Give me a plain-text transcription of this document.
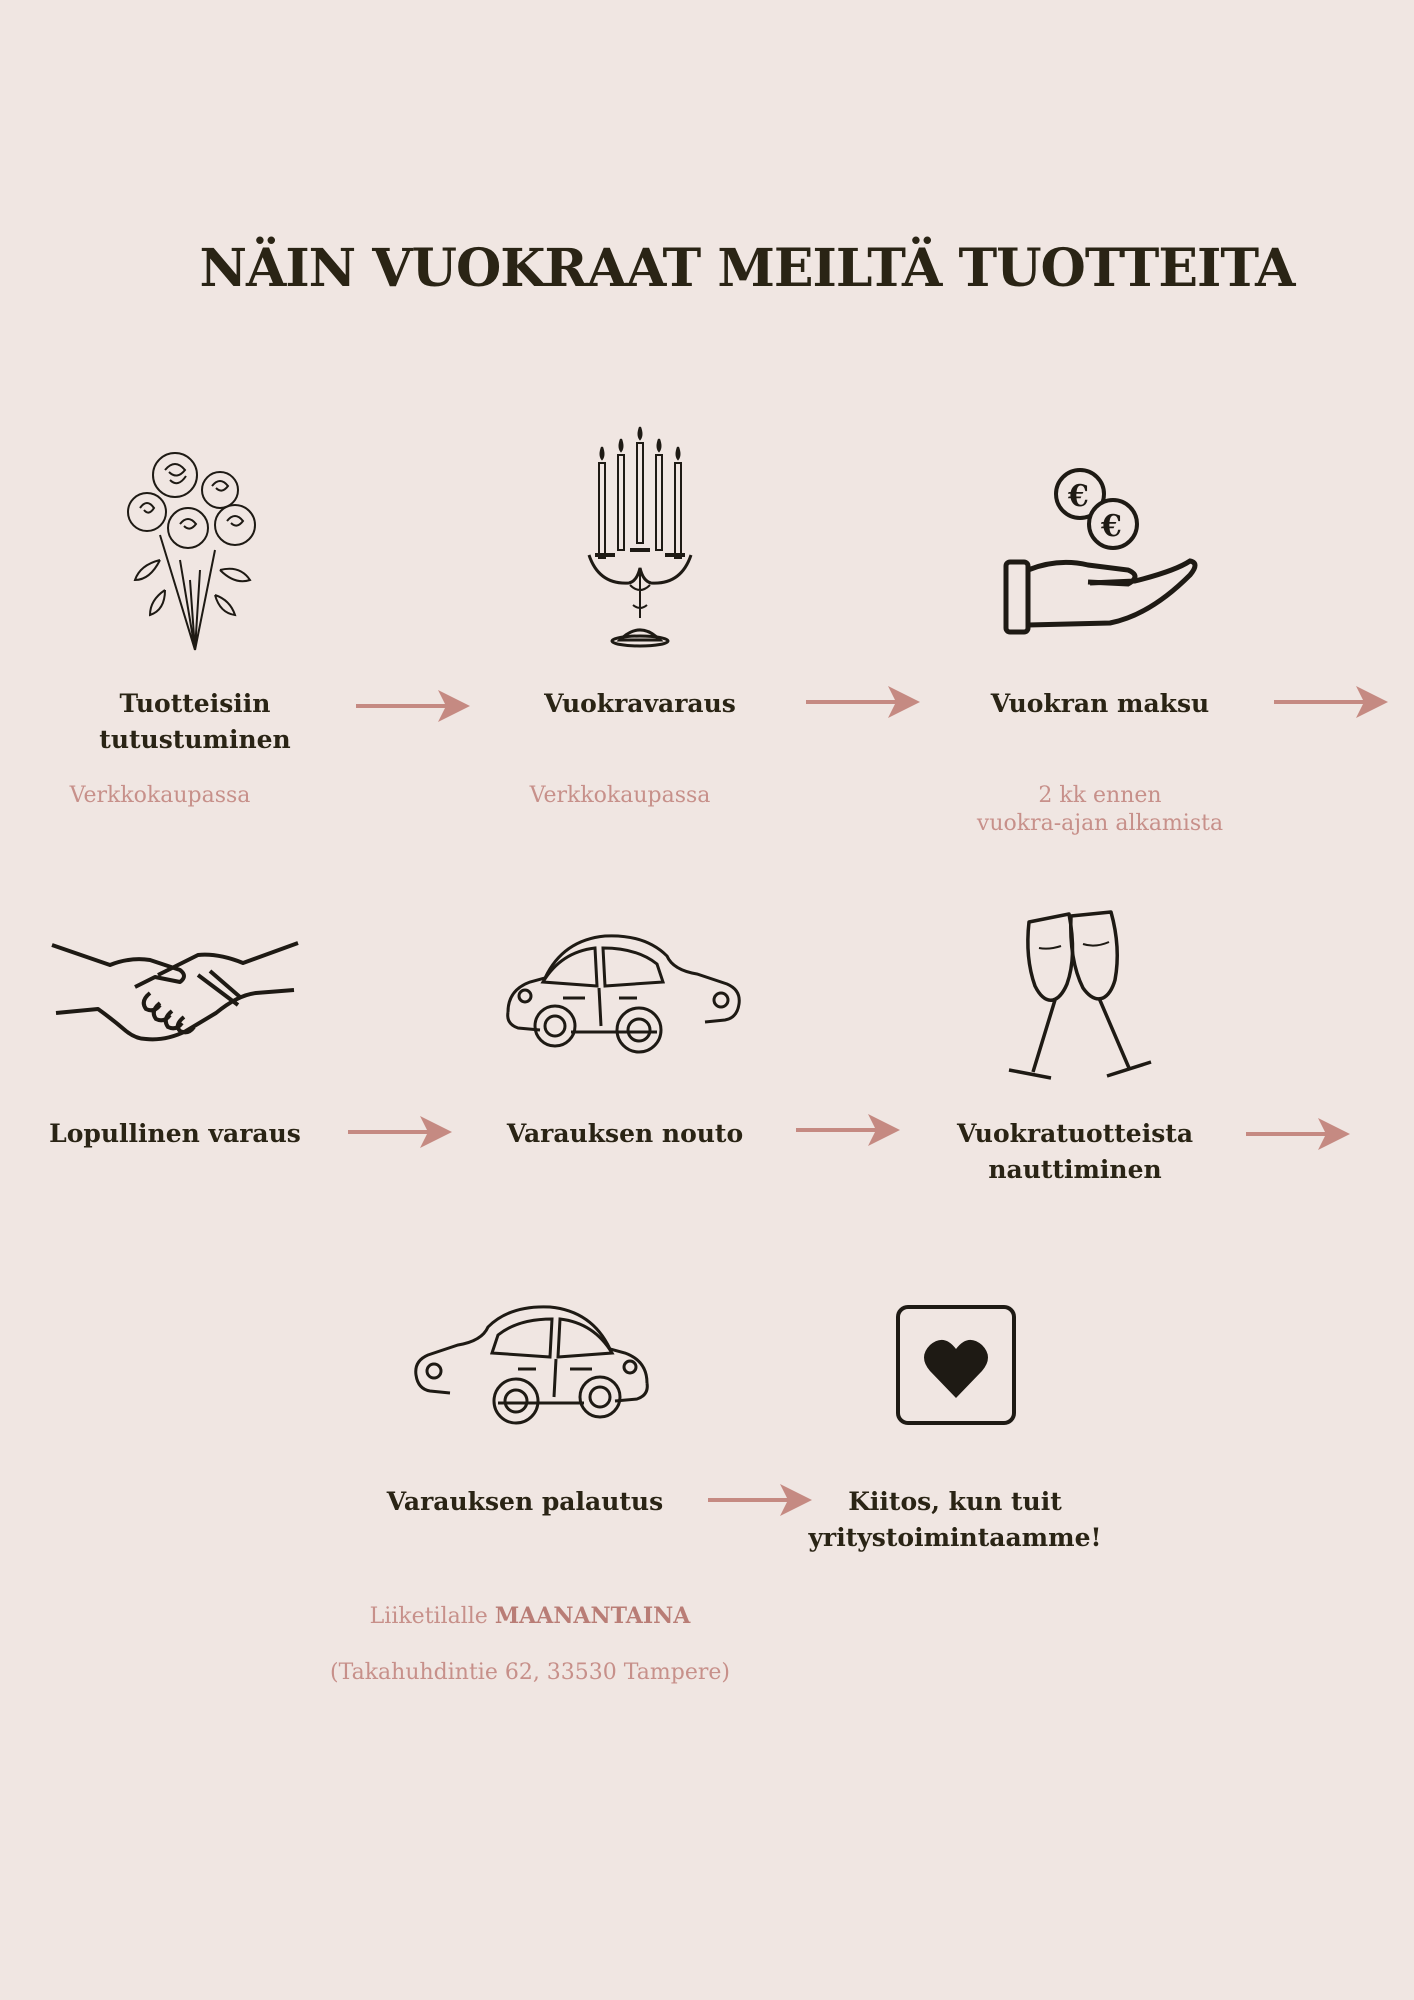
NÄIN VUOKRAAT MEILTÄ TUOTTEITA
Tuotteisiin
tutustuminen
Verkkokaupassa
Vuokravaraus
Verkkokaupassa
€
€
Vuokran maksu
2 kk ennen
vuokra-ajan alkamista
Lopullinen varaus	Varauksen nouto	Vuokratuotteista
nauttiminen
Varauksen palautus

Liiketilalle MAANANTAINA

(Takahuhdintie 62, 33530 Tampere)

Kiitos, kun tuit
yritystoimintaamme!
